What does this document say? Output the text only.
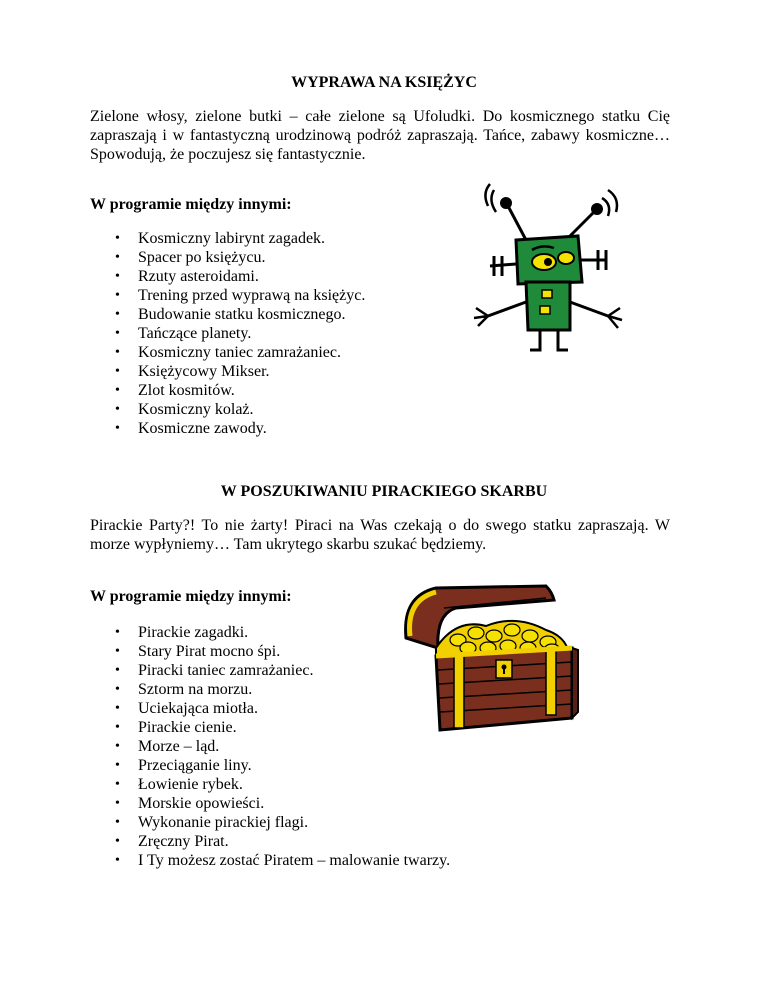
WYPRAWA NA KSIĘŻYC
Zielone włosy, zielone butki – całe zielone są Ufoludki. Do kosmicznego statku Cię zapraszają i w fantastyczną urodzinową podróż zapraszają. Tańce, zabawy kosmiczne… Spowodują, że poczujesz się fantastycznie.
W programie między innymi:
• Kosmiczny labirynt zagadek.
• Spacer po księżycu.
• Rzuty asteroidami.
• Trening przed wyprawą na księżyc.
• Budowanie statku kosmicznego.
• Tańczące planety.
• Kosmiczny taniec zamrażaniec.
• Księżycowy Mikser.
• Zlot kosmitów.
• Kosmiczny kolaż.
• Kosmiczne zawody.
W POSZUKIWANIU PIRACKIEGO SKARBU
Pirackie Party?! To nie żarty! Piraci na Was czekają o do swego statku zapraszają. W morze wypłyniemy… Tam ukrytego skarbu szukać będziemy.
W programie między innymi:
• Pirackie zagadki.
• Stary Pirat mocno śpi.
• Piracki taniec zamrażaniec.
• Sztorm na morzu.
• Uciekająca miotła.
• Pirackie cienie.
• Morze – ląd.
• Przeciąganie liny.
• Łowienie rybek.
• Morskie opowieści.
• Wykonanie pirackiej flagi.
• Zręczny Pirat.
• I Ty możesz zostać Piratem – malowanie twarzy.
